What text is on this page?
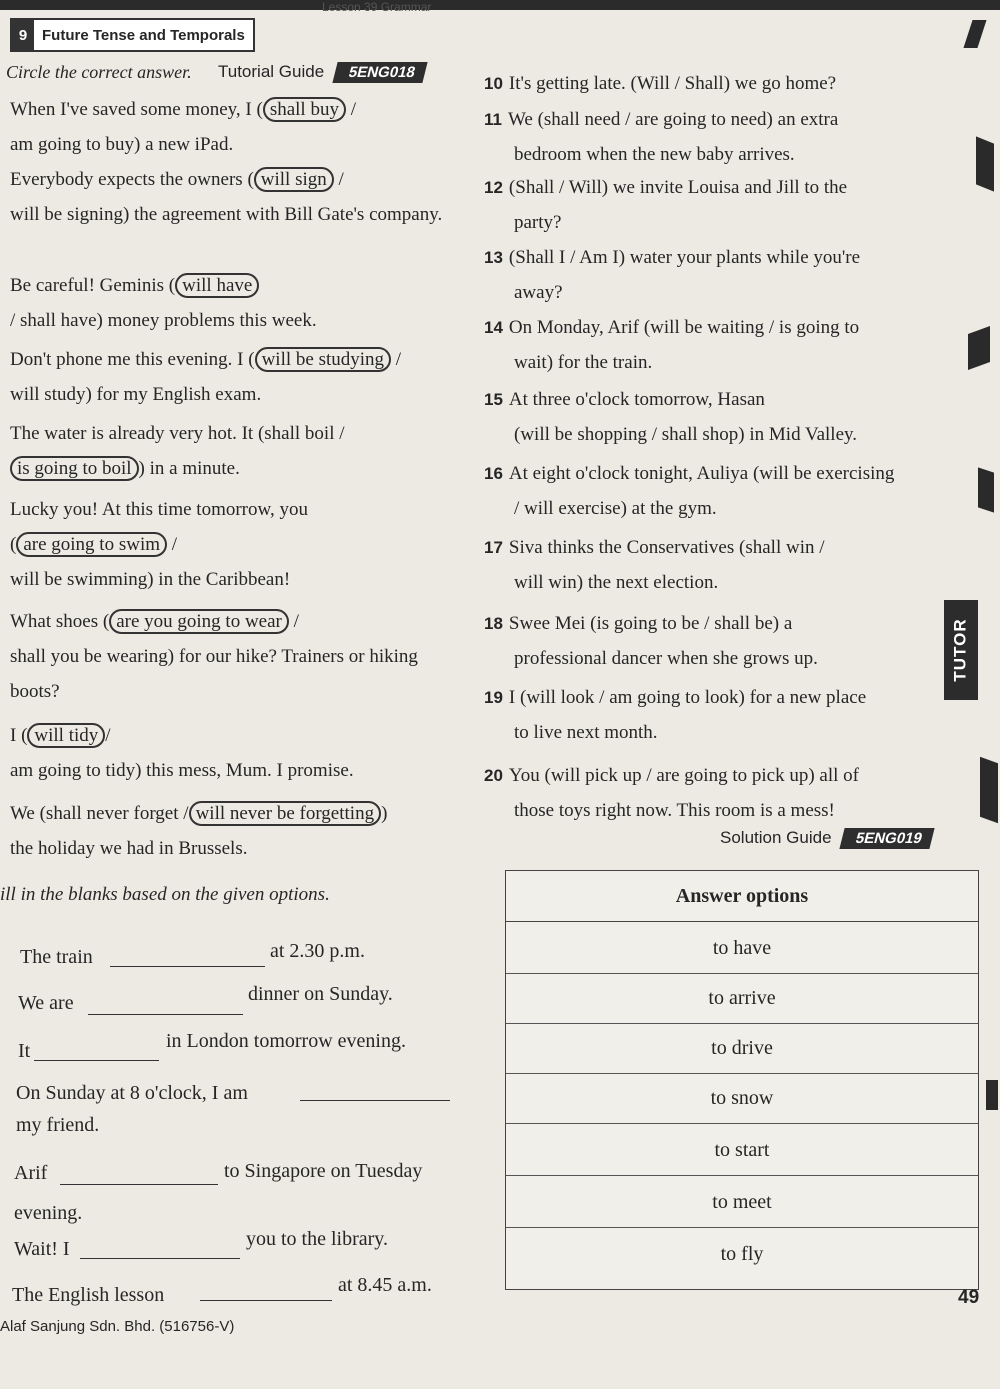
Lesson 39 Grammar
9 Future Tense and Temporals
Circle the correct answer. Tutorial Guide 5ENG018
When I've saved some money, I ( shall buy /
am going to buy) a new iPad.
Everybody expects the owners ( will sign /
will be signing) the agreement with Bill Gate's company.
Be careful! Geminis ( will have
/ shall have) money problems this week.
Don't phone me this evening. I ( will be studying /
will study) for my English exam.
The water is already very hot. It (shall boil /
is going to boil ) in a minute.
Lucky you! At this time tomorrow, you
( are going to swim /
will be swimming) in the Caribbean!
What shoes ( are you going to wear /
shall you be wearing) for our hike? Trainers or hiking boots?
I ( will tidy /
am going to tidy) this mess, Mum. I promise.
We (shall never forget / will never be forgetting )
the holiday we had in Brussels.
10 It's getting late. (Will / Shall) we go home?
11 We (shall need / are going to need) an extra
bedroom when the new baby arrives.
12 (Shall / Will) we invite Louisa and Jill to the
party?
13 (Shall I / Am I) water your plants while you're
away?
14 On Monday, Arif (will be waiting / is going to
wait) for the train.
15 At three o'clock tomorrow, Hasan
(will be shopping / shall shop) in Mid Valley.
16 At eight o'clock tonight, Auliya (will be exercising
/ will exercise) at the gym.
17 Siva thinks the Conservatives (shall win /
will win) the next election.
18 Swee Mei (is going to be / shall be) a
professional dancer when she grows up.
19 I (will look / am going to look) for a new place
to live next month.
20 You (will pick up / are going to pick up) all of
those toys right now. This room is a mess!
Solution Guide 5ENG019
ill in the blanks based on the given options.
The train	at 2.30 p.m.
We are	dinner on Sunday.
It	in London tomorrow evening.
On Sunday at 8 o'clock, I am
my friend.
Arif	to Singapore on Tuesday evening.
Wait! I	you to the library.
The English lesson	at 8.45 a.m.
Answer options
to have
to arrive
to drive
to snow
to start
to meet
to fly
TUTOR
49
Alaf Sanjung Sdn. Bhd. (516756-V)
